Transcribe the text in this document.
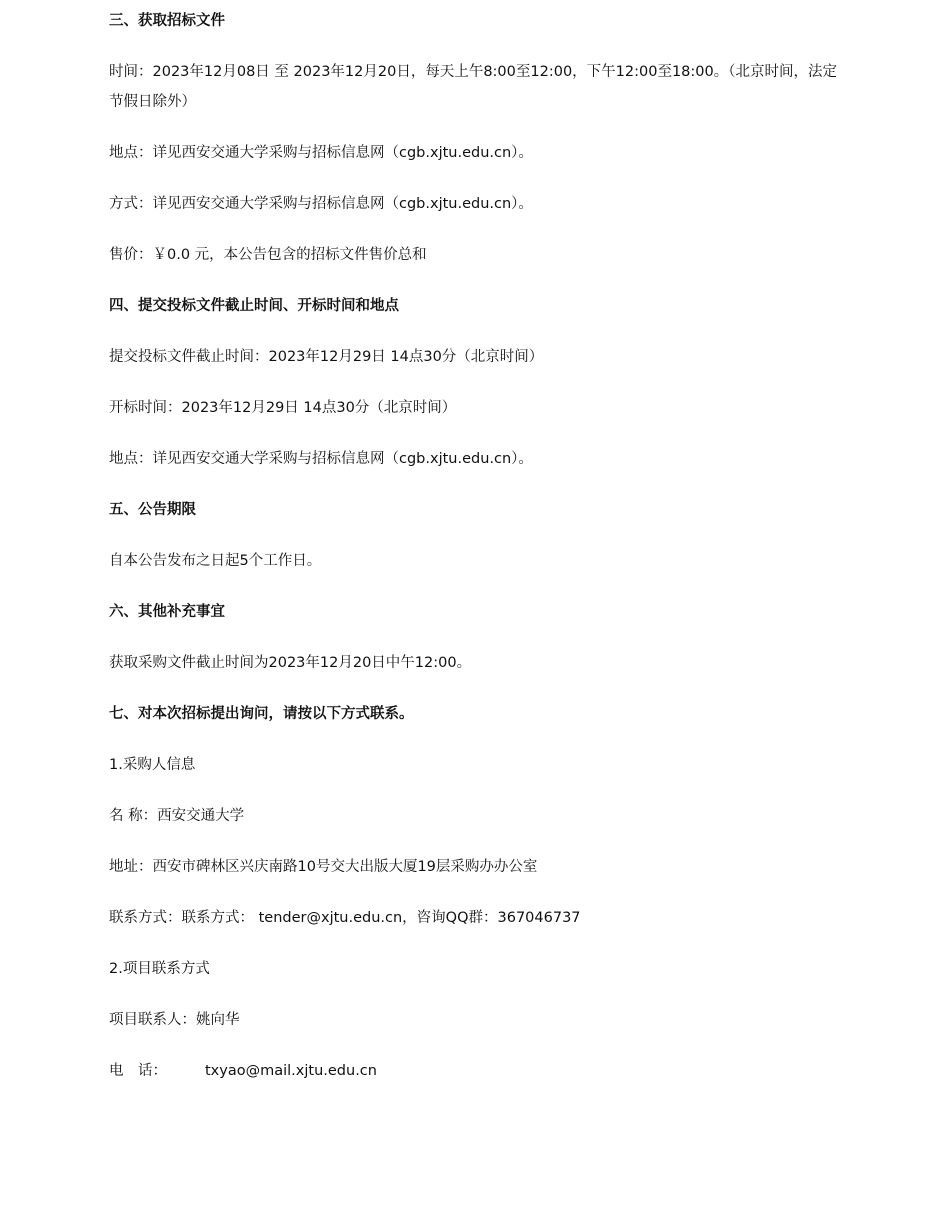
三、获取招标文件
时间：2023年12月08日 至 2023年12月20日，每天上午8:00至12:00，下午12:00至18:00。（北京时间，法定节假日除外）
地点：详见西安交通大学采购与招标信息网（cgb.xjtu.edu.cn）。
方式：详见西安交通大学采购与招标信息网（cgb.xjtu.edu.cn）。
售价：￥0.0 元，本公告包含的招标文件售价总和
四、提交投标文件截止时间、开标时间和地点
提交投标文件截止时间：2023年12月29日 14点30分（北京时间）
开标时间：2023年12月29日 14点30分（北京时间）
地点：详见西安交通大学采购与招标信息网（cgb.xjtu.edu.cn）。
五、公告期限
自本公告发布之日起5个工作日。
六、其他补充事宜
获取采购文件截止时间为2023年12月20日中午12:00。
七、对本次招标提出询问，请按以下方式联系。
1.采购人信息
名 称：西安交通大学
地址：西安市碑林区兴庆南路10号交大出版大厦19层采购办办公室
联系方式：联系方式： tender@xjtu.edu.cn，咨询QQ群：367046737
2.项目联系方式
项目联系人：姚向华
电　话：	txyao@mail.xjtu.edu.cn
